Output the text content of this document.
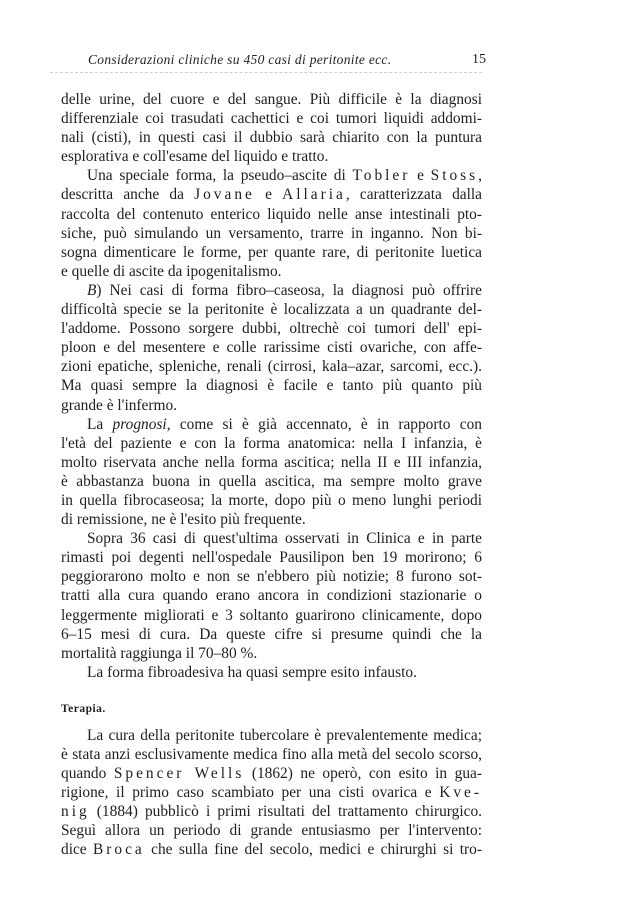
Considerazioni cliniche su 450 casi di peritonite ecc.	15
delle urine, del cuore e del sangue. Più difficile è la diagnosi
differenziale coi trasudati cachettici e coi tumori liquidi addomi-
nali (cisti), in questi casi il dubbio sarà chiarito con la puntura
esplorativa e coll'esame del liquido e tratto.
Una speciale forma, la pseudo–ascite di Tobler e Stoss,
descritta anche da Jovane e Allaria, caratterizzata dalla
raccolta del contenuto enterico liquido nelle anse intestinali pto-
siche, può simulando un versamento, trarre in inganno. Non bi-
sogna dimenticare le forme, per quante rare, di peritonite luetica
e quelle di ascite da ipogenitalismo.
B) Nei casi di forma fibro–caseosa, la diagnosi può offrire
difficoltà specie se la peritonite è localizzata a un quadrante del-
l'addome. Possono sorgere dubbi, oltrechè coi tumori dell' epi-
ploon e del mesentere e colle rarissime cisti ovariche, con affe-
zioni epatiche, spleniche, renali (cirrosi, kala–azar, sarcomi, ecc.).
Ma quasi sempre la diagnosi è facile e tanto più quanto più
grande è l'infermo.
La prognosi, come si è già accennato, è in rapporto con
l'età del paziente e con la forma anatomica: nella I infanzia, è
molto riservata anche nella forma ascitica; nella II e III infanzia,
è abbastanza buona in quella ascitica, ma sempre molto grave
in quella fibrocaseosa; la morte, dopo più o meno lunghi periodi
di remissione, ne è l'esito più frequente.
Sopra 36 casi di quest'ultima osservati in Clinica e in parte
rimasti poi degenti nell'ospedale Pausilipon ben 19 morirono; 6
peggiorarono molto e non se n'ebbero più notizie; 8 furono sot-
tratti alla cura quando erano ancora in condizioni stazionarie o
leggermente migliorati e 3 soltanto guarirono clinicamente, dopo
6–15 mesi di cura. Da queste cifre si presume quindi che la
mortalità raggiunga il 70–80 %.
La forma fibroadesiva ha quasi sempre esito infausto.
Terapia.
La cura della peritonite tubercolare è prevalentemente medica;
è stata anzi esclusivamente medica fino alla metà del secolo scorso,
quando Spencer Wells (1862) ne operò, con esito in gua-
rigione, il primo caso scambiato per una cisti ovarica e Kve-
nig (1884) pubblicò i primi risultati del trattamento chirurgico.
Seguì allora un periodo di grande entusiasmo per l'intervento:
dice Broca che sulla fine del secolo, medici e chirurghi si tro-
